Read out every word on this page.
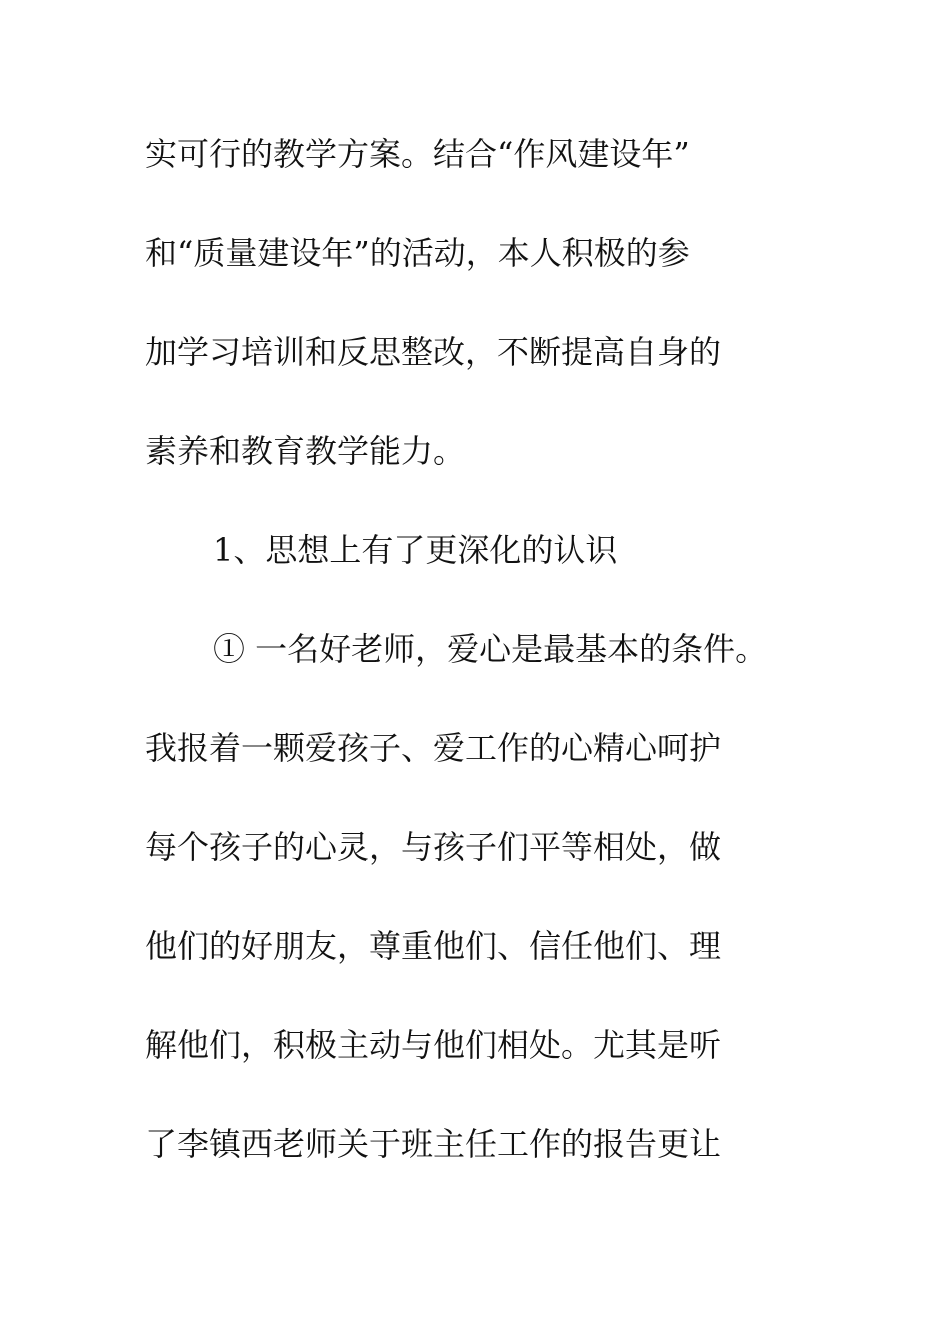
实可行的教学方案。结合“作风建设年”
和“质量建设年”的活动，本人积极的参
加学习培训和反思整改，不断提高自身的
素养和教育教学能力。
1、思想上有了更深化的认识
① 一名好老师，爱心是最基本的条件。
我报着一颗爱孩子、爱工作的心精心呵护
每个孩子的心灵，与孩子们平等相处，做
他们的好朋友，尊重他们、信任他们、理
解他们，积极主动与他们相处。尤其是听
了李镇西老师关于班主任工作的报告更让
